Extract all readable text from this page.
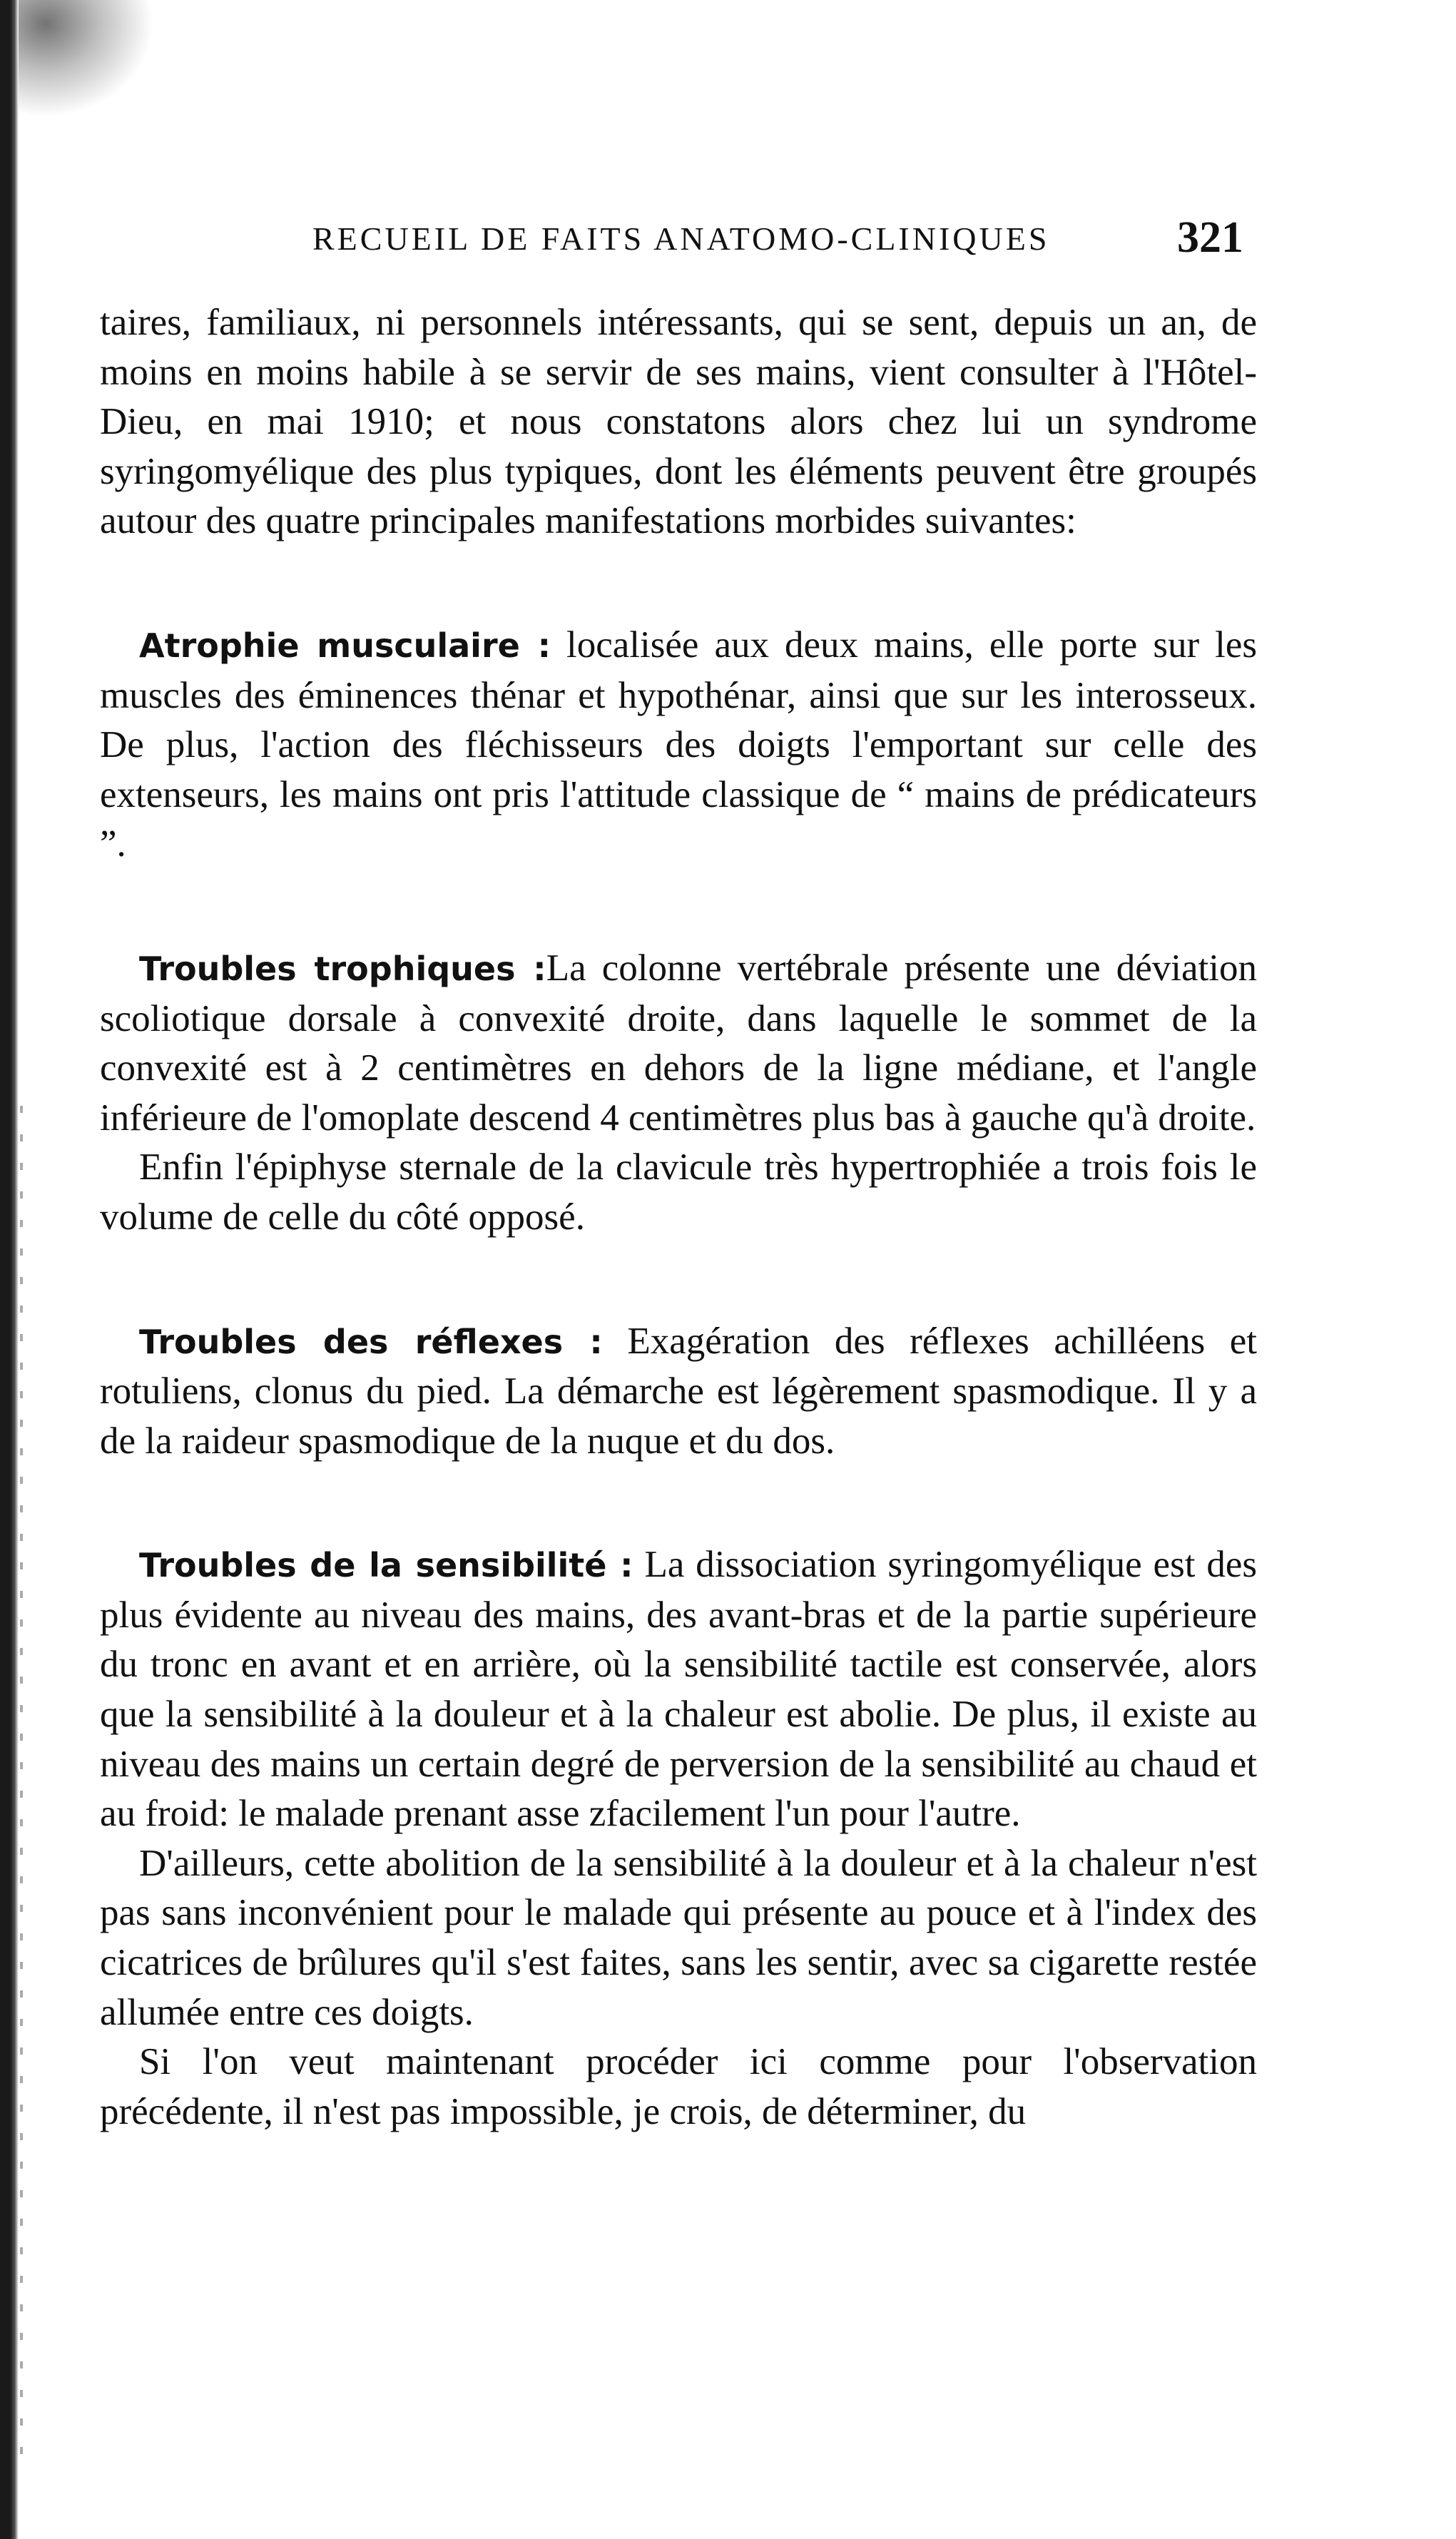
RECUEIL DE FAITS ANATOMO-CLINIQUES	321

taires, familiaux, ni personnels intéressants, qui se sent, depuis un an, de moins en moins habile à se servir de ses mains, vient consulter à l'Hôtel-Dieu, en mai 1910; et nous constatons alors chez lui un syndrome syringomyélique des plus typiques, dont les éléments peuvent être groupés autour des quatre principales manifestations morbides suivantes:

Atrophie musculaire : localisée aux deux mains, elle porte sur les muscles des éminences thénar et hypothénar, ainsi que sur les interosseux. De plus, l'action des fléchisseurs des doigts l'emportant sur celle des extenseurs, les mains ont pris l'attitude classique de “ mains de prédicateurs ”.

Troubles trophiques :La colonne vertébrale présente une déviation scoliotique dorsale à convexité droite, dans laquelle le sommet de la convexité est à 2 centimètres en dehors de la ligne médiane, et l'angle inférieure de l'omoplate descend 4 centimètres plus bas à gauche qu'à droite.

Enfin l'épiphyse sternale de la clavicule très hypertrophiée a trois fois le volume de celle du côté opposé.

Troubles des réflexes : Exagération des réflexes achilléens et rotuliens, clonus du pied. La démarche est légèrement spasmodique. Il y a de la raideur spasmodique de la nuque et du dos.

Troubles de la sensibilité : La dissociation syringomyélique est des plus évidente au niveau des mains, des avant-bras et de la partie supérieure du tronc en avant et en arrière, où la sensibilité tactile est conservée, alors que la sensibilité à la douleur et à la chaleur est abolie. De plus, il existe au niveau des mains un certain degré de perversion de la sensibilité au chaud et au froid: le malade prenant asse zfacilement l'un pour l'autre.

D'ailleurs, cette abolition de la sensibilité à la douleur et à la chaleur n'est pas sans inconvénient pour le malade qui présente au pouce et à l'index des cicatrices de brûlures qu'il s'est faites, sans les sentir, avec sa cigarette restée allumée entre ces doigts.

Si l'on veut maintenant procéder ici comme pour l'observation précédente, il n'est pas impossible, je crois, de déterminer, du
